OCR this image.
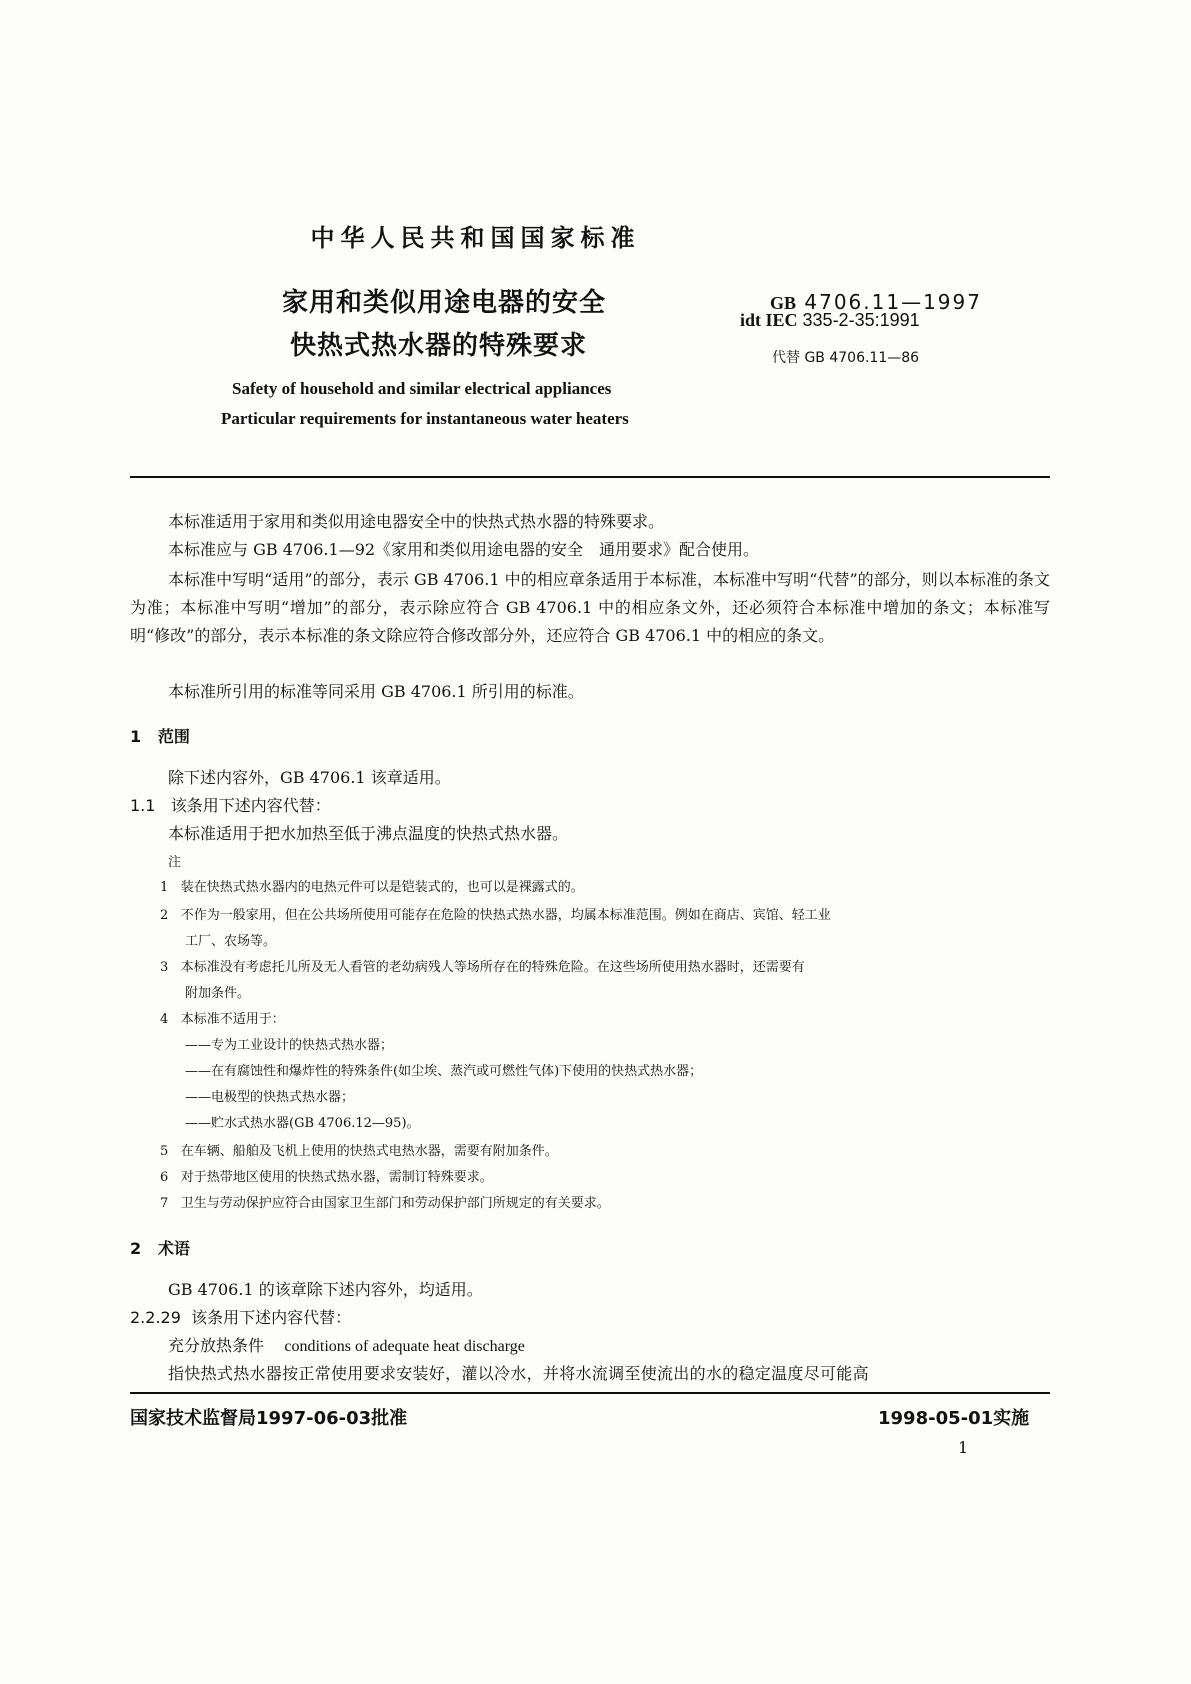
中华人民共和国国家标准
家用和类似用途电器的安全
快热式热水器的特殊要求
GB 4706.11—1997
idt IEC 335-2-35:1991
代替 GB 4706.11—86
Safety of household and similar electrical appliances
Particular requirements for instantaneous water heaters
本标准适用于家用和类似用途电器安全中的快热式热水器的特殊要求。
本标准应与 GB 4706.1—92《家用和类似用途电器的安全　通用要求》配合使用。
本标准中写明“适用”的部分，表示 GB 4706.1 中的相应章条适用于本标准，本标准中写明“代替”的部分，则以本标准的条文为准；本标准中写明“增加”的部分，表示除应符合 GB 4706.1 中的相应条文外，还必须符合本标准中增加的条文；本标准写明“修改”的部分，表示本标准的条文除应符合修改部分外，还应符合 GB 4706.1 中的相应的条文。
本标准所引用的标准等同采用 GB 4706.1 所引用的标准。
1 范围
除下述内容外，GB 4706.1 该章适用。
1.1 该条用下述内容代替：
本标准适用于把水加热至低于沸点温度的快热式热水器。
注
1 装在快热式热水器内的电热元件可以是铠装式的，也可以是裸露式的。
2 不作为一般家用，但在公共场所使用可能存在危险的快热式热水器，均属本标准范围。例如在商店、宾馆、轻工业
工厂、农场等。
3 本标准没有考虑托儿所及无人看管的老幼病残人等场所存在的特殊危险。在这些场所使用热水器时，还需要有
附加条件。
4 本标准不适用于：
——专为工业设计的快热式热水器；
——在有腐蚀性和爆炸性的特殊条件(如尘埃、蒸汽或可燃性气体)下使用的快热式热水器；
——电极型的快热式热水器；
——贮水式热水器(GB 4706.12—95)。
5 在车辆、船舶及飞机上使用的快热式电热水器，需要有附加条件。
6 对于热带地区使用的快热式热水器，需制订特殊要求。
7 卫生与劳动保护应符合由国家卫生部门和劳动保护部门所规定的有关要求。
2 术语
GB 4706.1 的该章除下述内容外，均适用。
2.2.29 该条用下述内容代替：
充分放热条件 conditions of adequate heat discharge
指快热式热水器按正常使用要求安装好，灌以冷水，并将水流调至使流出的水的稳定温度尽可能高
国家技术监督局1997-06-03批准	1998-05-01实施
1
